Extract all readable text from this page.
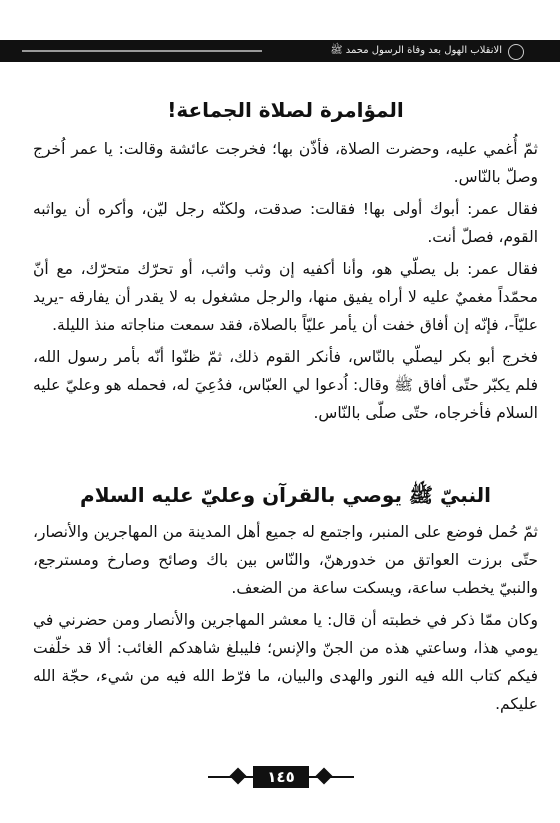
الانقلاب الهول بعد وفاة الرسول محمد ﷺ
المؤامرة لصلاة الجماعة!

ثمّ أُغمي عليه، وحضرت الصلاة، فأذّن بها؛ فخرجت عائشة وقالت: يا عمر اُخرج وصلّ بالنّاس.

فقال عمر: أبوك أولى بها! فقالت: صدقت، ولكنّه رجل ليّن، وأكره أن يواثبه القوم، فصلّ أنت.

فقال عمر: بل يصلّي هو، وأنا أكفيه إن وثب واثب، أو تحرّك متحرّك، مع أنّ محمّداً مغميٌ عليه لا أراه يفيق منها، والرجل مشغول به لا يقدر أن يفارقه -يريد عليّاً-، فإنّه إن أفاق خفت أن يأمر عليّاً بالصلاة، فقد سمعت مناجاته منذ الليلة.

فخرج أبو بكر ليصلّي بالنّاس، فأنكر القوم ذلك، ثمّ ظنّوا أنّه بأمر رسول الله، فلم يكبّر حتّى أفاق ﷺ وقال: اُدعوا لي العبّاس، فدُعِيَ له، فحمله هو وعليّ عليه السلام فأخرجاه، حتّى صلّى بالنّاس.

النبيّ ﷺ يوصي بالقرآن وعليّ عليه السلام

ثمّ حُمل فوضع على المنبر، واجتمع له جميع أهل المدينة من المهاجرين والأنصار، حتّى برزت العواتق من خدورهنّ، والنّاس بين باك وصائح وصارخ ومسترجع، والنبيّ يخطب ساعة، ويسكت ساعة من الضعف.

وكان ممّا ذكر في خطبته أن قال: يا معشر المهاجرين والأنصار ومن حضرني في يومي هذا، وساعتي هذه من الجنّ والإنس؛ فليبلغ شاهدكم الغائب: ألا قد خلّفت فيكم كتاب الله فيه النور والهدى والبيان، ما فرّط الله فيه من شيء، حجّة الله عليكم.

١٤٥
